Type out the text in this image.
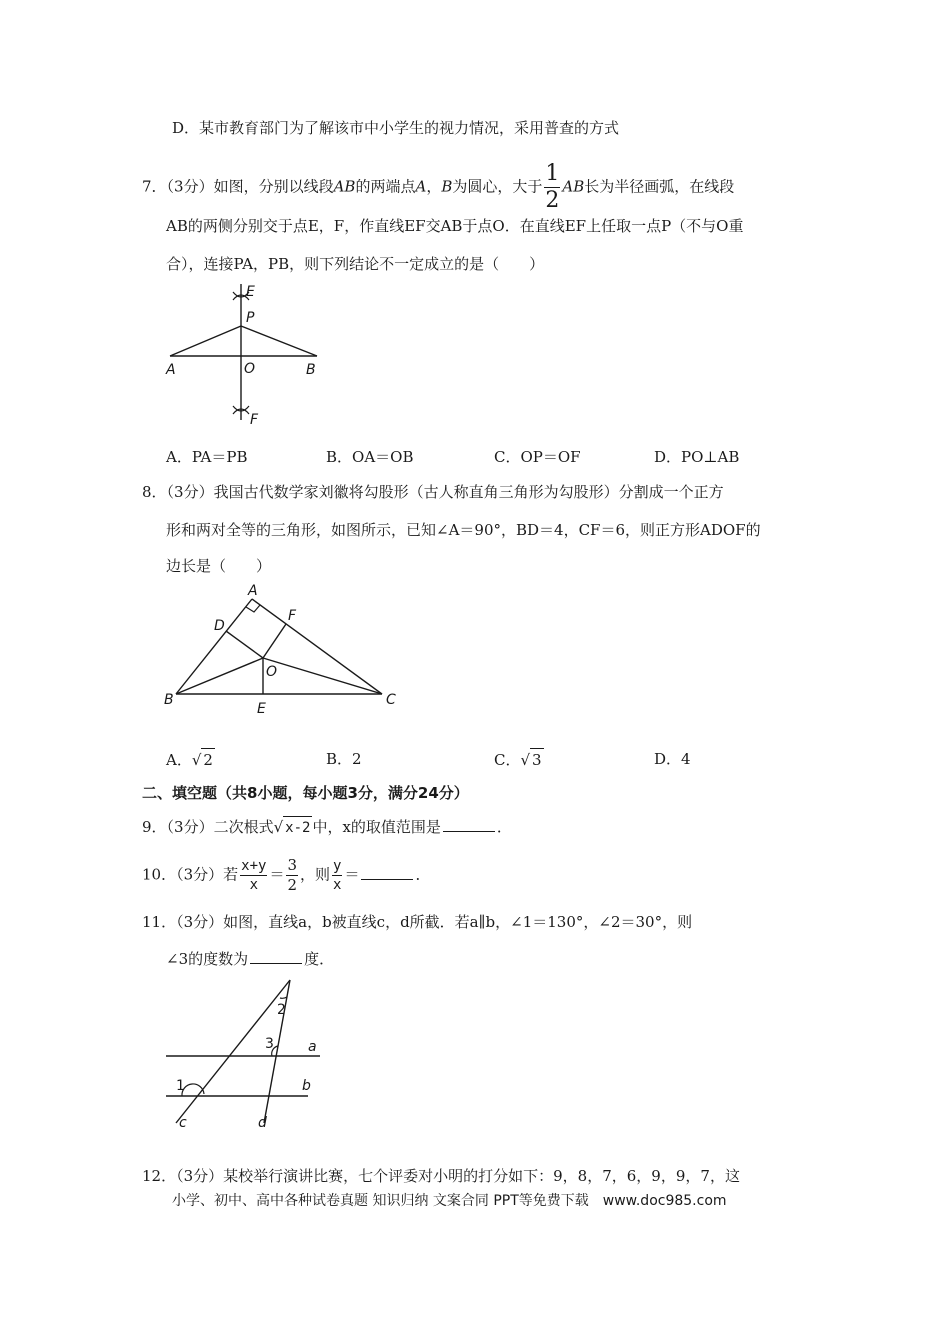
D．某市教育部门为了解该市中小学生的视力情况，采用普查的方式
7．（3分）如图，分别以线段AB的两端点A，B为圆心，大于 $\frac{1}{2}$ AB长为半径画弧，在线段
AB的两侧分别交于点E，F，作直线EF交AB于点O．在直线EF上任取一点P（不与O重
合），连接PA，PB，则下列结论不一定成立的是（　　）
E
P
A	O	B
F
A．PA＝PB	B．OA＝OB	C．OP＝OF	D．PO⊥AB
8．（3分）我国古代数学家刘徽将勾股形（古人称直角三角形为勾股形）分割成一个正方
形和两对全等的三角形，如图所示，已知∠A＝90°，BD＝4，CF＝6，则正方形ADOF的
边长是（　　）
A
D
F
O
B
E
C
A．√ 2	B．2	C．√ 3	D．4
二、填空题（共8小题，每小题3分，满分24分）
9．（3分）二次根式√ x-2 中，x的取值范围是	．
10．（3分）若 $\frac{x+y}{x} = \frac{3}{2}$ ，则 $\frac{y}{x}$ ＝	．
11．（3分）如图，直线a，b被直线c，d所截．若a∥b，∠1＝130°，∠2＝30°，则
∠3的度数为	度．
2
3 a
1	b
c	d
12．（3分）某校举行演讲比赛，七个评委对小明的打分如下：9，8，7，6，9，9，7，这
小学、初中、高中各种试卷真题 知识归纳 文案合同 PPT等免费下载　www.doc985.com
